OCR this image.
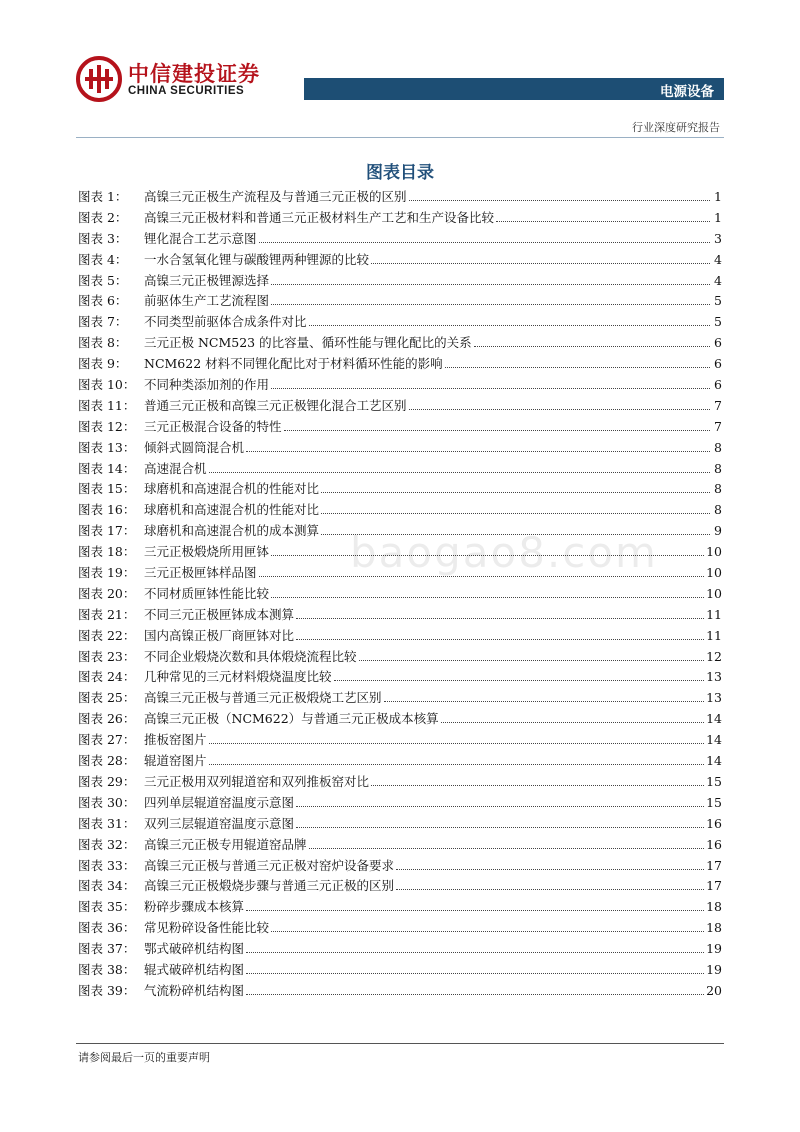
中信建投证券
CHINA SECURITIES	电源设备
行业深度研究报告
图表目录
图表 1：	高镍三元正极生产流程及与普通三元正极的区别	1
图表 2：	高镍三元正极材料和普通三元正极材料生产工艺和生产设备比较	1
图表 3：	锂化混合工艺示意图	3
图表 4：	一水合氢氧化锂与碳酸锂两种锂源的比较	4
图表 5：	高镍三元正极锂源选择	4
图表 6：	前驱体生产工艺流程图	5
图表 7：	不同类型前驱体合成条件对比	5
图表 8：	三元正极 NCM523 的比容量、循环性能与锂化配比的关系	6
图表 9：	NCM622 材料不同锂化配比对于材料循环性能的影响	6
图表 10： 不同种类添加剂的作用	6
图表 11： 普通三元正极和高镍三元正极锂化混合工艺区别	7
图表 12： 三元正极混合设备的特性	7
图表 13： 倾斜式圆筒混合机	8
图表 14： 高速混合机	8
图表 15： 球磨机和高速混合机的性能对比	8
图表 16： 球磨机和高速混合机的性能对比	8
图表 17： 球磨机和高速混合机的成本测算	9
图表 18： 三元正极煅烧所用匣钵	10
图表 19： 三元正极匣钵样品图	10
图表 20： 不同材质匣钵性能比较	10
图表 21： 不同三元正极匣钵成本测算	11
图表 22： 国内高镍正极厂商匣钵对比	11
图表 23： 不同企业煅烧次数和具体煅烧流程比较	12
图表 24： 几种常见的三元材料煅烧温度比较	13
图表 25： 高镍三元正极与普通三元正极煅烧工艺区别	13
图表 26： 高镍三元正极（NCM622）与普通三元正极成本核算	14
图表 27： 推板窑图片	14
图表 28： 辊道窑图片	14
图表 29： 三元正极用双列辊道窑和双列推板窑对比	15
图表 30： 四列单层辊道窑温度示意图	15
图表 31： 双列三层辊道窑温度示意图	16
图表 32： 高镍三元正极专用辊道窑品牌	16
图表 33： 高镍三元正极与普通三元正极对窑炉设备要求	17
图表 34： 高镍三元正极煅烧步骤与普通三元正极的区别	17
图表 35： 粉碎步骤成本核算	18
图表 36： 常见粉碎设备性能比较	18
图表 37： 鄂式破碎机结构图	19
图表 38： 辊式破碎机结构图	19
图表 39： 气流粉碎机结构图	20
baogao8.com
请参阅最后一页的重要声明
